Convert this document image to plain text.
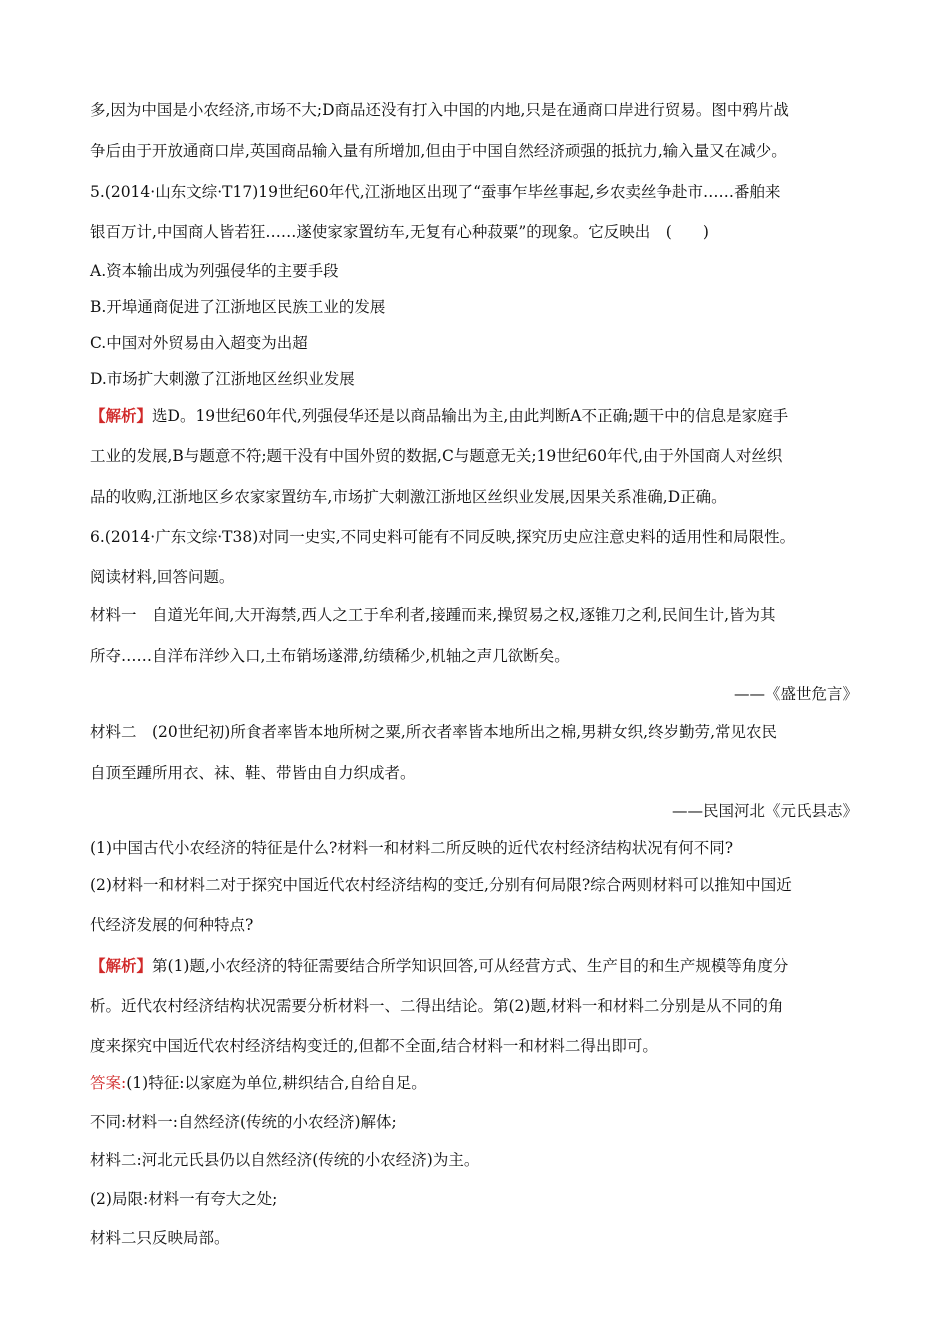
多,因为中国是小农经济,市场不大;D商品还没有打入中国的内地,只是在通商口岸进行贸易。图中鸦片战
争后由于开放通商口岸,英国商品输入量有所增加,但由于中国自然经济顽强的抵抗力,输入量又在减少。
5.(2014·山东文综·T17)19世纪60年代,江浙地区出现了“蚕事乍毕丝事起,乡农卖丝争赴市……番舶来
银百万计,中国商人皆若狂……遂使家家置纺车,无复有心种菽粟”的现象。它反映出　(　　)
A.资本输出成为列强侵华的主要手段
B.开埠通商促进了江浙地区民族工业的发展
C.中国对外贸易由入超变为出超
D.市场扩大刺激了江浙地区丝织业发展
【解析】选D。19世纪60年代,列强侵华还是以商品输出为主,由此判断A不正确;题干中的信息是家庭手
工业的发展,B与题意不符;题干没有中国外贸的数据,C与题意无关;19世纪60年代,由于外国商人对丝织
品的收购,江浙地区乡农家家置纺车,市场扩大刺激江浙地区丝织业发展,因果关系准确,D正确。
6.(2014·广东文综·T38)对同一史实,不同史料可能有不同反映,探究历史应注意史料的适用性和局限性。
阅读材料,回答问题。
材料一　自道光年间,大开海禁,西人之工于牟利者,接踵而来,操贸易之权,逐锥刀之利,民间生计,皆为其
所夺……自洋布洋纱入口,土布销场遂滞,纺绩稀少,机轴之声几欲断矣。
——《盛世危言》
材料二　(20世纪初)所食者率皆本地所树之粟,所衣者率皆本地所出之棉,男耕女织,终岁勤劳,常见农民
自顶至踵所用衣、袜、鞋、带皆由自力织成者。
——民国河北《元氏县志》
(1)中国古代小农经济的特征是什么?材料一和材料二所反映的近代农村经济结构状况有何不同?
(2)材料一和材料二对于探究中国近代农村经济结构的变迁,分别有何局限?综合两则材料可以推知中国近
代经济发展的何种特点?
【解析】第(1)题,小农经济的特征需要结合所学知识回答,可从经营方式、生产目的和生产规模等角度分
析。近代农村经济结构状况需要分析材料一、二得出结论。第(2)题,材料一和材料二分别是从不同的角
度来探究中国近代农村经济结构变迁的,但都不全面,结合材料一和材料二得出即可。
答案:(1)特征:以家庭为单位,耕织结合,自给自足。
不同:材料一:自然经济(传统的小农经济)解体;
材料二:河北元氏县仍以自然经济(传统的小农经济)为主。
(2)局限:材料一有夸大之处;
材料二只反映局部。
